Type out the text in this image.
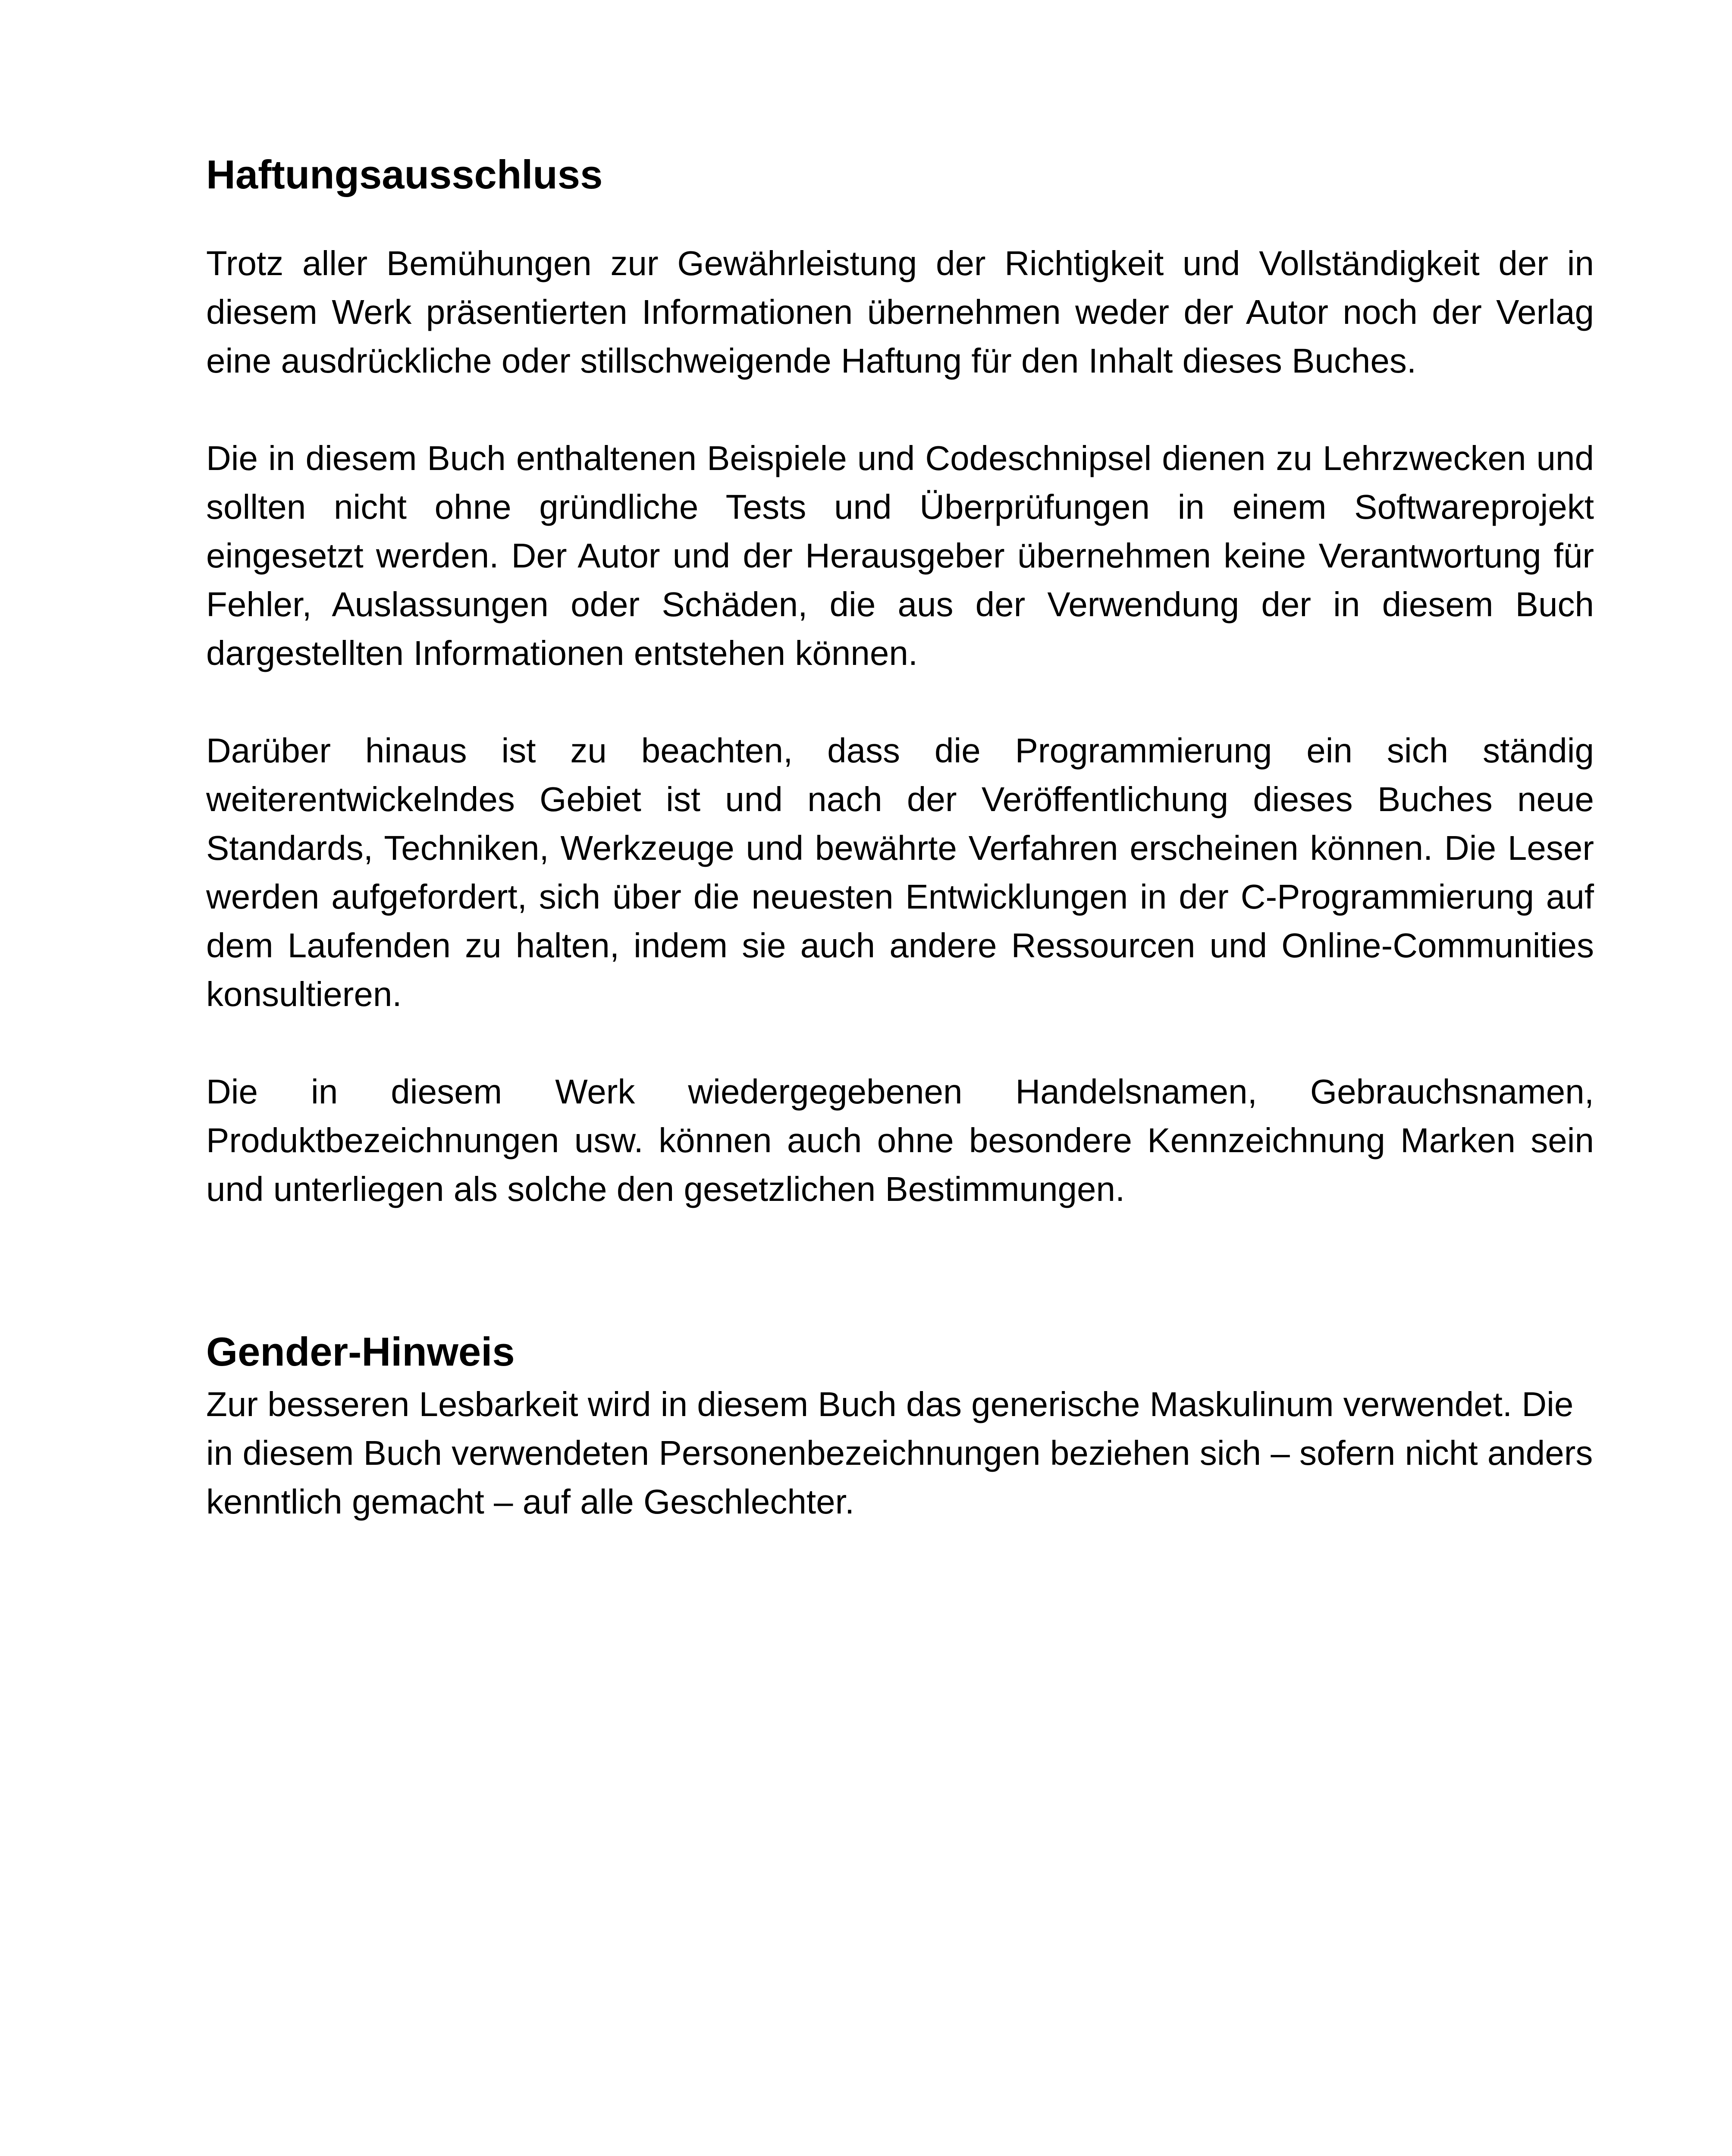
Haftungsausschluss

Trotz aller Bemühungen zur Gewährleistung der Richtigkeit und Vollständigkeit der in diesem Werk präsentierten Informationen übernehmen weder der Autor noch der Verlag eine ausdrückliche oder stillschweigende Haftung für den Inhalt dieses Buches.

Die in diesem Buch enthaltenen Beispiele und Codeschnipsel dienen zu Lehrzwecken und sollten nicht ohne gründliche Tests und Überprüfungen in einem Softwareprojekt eingesetzt werden. Der Autor und der Herausgeber übernehmen keine Verantwortung für Fehler, Auslassungen oder Schäden, die aus der Verwendung der in diesem Buch dargestellten Informationen entstehen können.

Darüber hinaus ist zu beachten, dass die Programmierung ein sich ständig weiterentwickelndes Gebiet ist und nach der Veröffentlichung dieses Buches neue Standards, Techniken, Werkzeuge und bewährte Verfahren erscheinen können. Die Leser werden aufgefordert, sich über die neuesten Entwicklungen in der C-Programmierung auf dem Laufenden zu halten, indem sie auch andere Ressourcen und Online-Communities konsultieren.

Die in diesem Werk wiedergegebenen Handelsnamen, Gebrauchsnamen, Produktbezeichnungen usw. können auch ohne besondere Kennzeichnung Marken sein und unterliegen als solche den gesetzlichen Bestimmungen.

Gender-Hinweis

Zur besseren Lesbarkeit wird in diesem Buch das generische Maskulinum verwendet. Die in diesem Buch verwendeten Personenbezeichnungen beziehen sich – sofern nicht anders kenntlich gemacht – auf alle Geschlechter.
